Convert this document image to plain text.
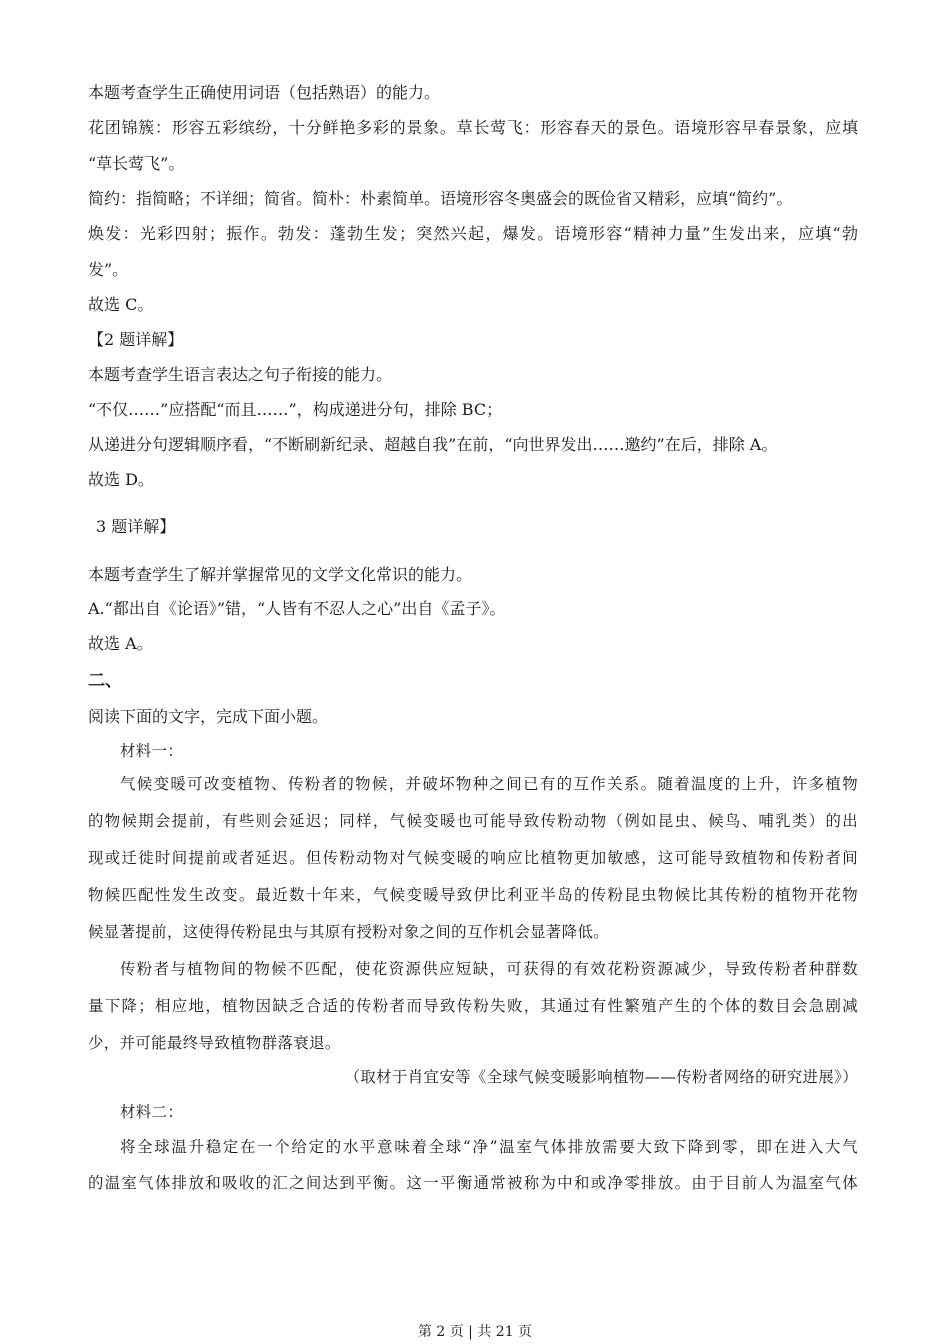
本题考查学生正确使用词语（包括熟语）的能力。
花团锦簇：形容五彩缤纷，十分鲜艳多彩的景象。草长莺飞：形容春天的景色。语境形容早春景象，应填
“草长莺飞”。
简约：指简略；不详细；简省。简朴：朴素简单。语境形容冬奥盛会的既俭省又精彩，应填“简约”。
焕发：光彩四射；振作。勃发：蓬勃生发；突然兴起，爆发。语境形容“精神力量”生发出来，应填“勃
发”。
故选 C。
【2 题详解】
本题考查学生语言表达之句子衔接的能力。
“不仅……”应搭配“而且……”，构成递进分句，排除 BC；
从递进分句逻辑顺序看，“不断刷新纪录、超越自我”在前，“向世界发出……邀约”在后，排除 A。
故选 D。
3 题详解】
本题考查学生了解并掌握常见的文学文化常识的能力。
A.“都出自《论语》”错，“人皆有不忍人之心”出自《孟子》。
故选 A。
二、
阅读下面的文字，完成下面小题。
材料一：
气候变暖可改变植物、传粉者的物候，并破坏物种之间已有的互作关系。随着温度的上升，许多植物
的物候期会提前，有些则会延迟；同样，气候变暖也可能导致传粉动物（例如昆虫、候鸟、哺乳类）的出
现或迁徙时间提前或者延迟。但传粉动物对气候变暖的响应比植物更加敏感，这可能导致植物和传粉者间
物候匹配性发生改变。最近数十年来，气候变暖导致伊比利亚半岛的传粉昆虫物候比其传粉的植物开花物
候显著提前，这使得传粉昆虫与其原有授粉对象之间的互作机会显著降低。
传粉者与植物间的物候不匹配，使花资源供应短缺，可获得的有效花粉资源减少，导致传粉者种群数
量下降；相应地，植物因缺乏合适的传粉者而导致传粉失败，其通过有性繁殖产生的个体的数目会急剧减
少，并可能最终导致植物群落衰退。
（取材于肖宜安等《全球气候变暖影响植物——传粉者网络的研究进展》）
材料二：
将全球温升稳定在一个给定的水平意味着全球“净”温室气体排放需要大致下降到零，即在进入大气
的温室气体排放和吸收的汇之间达到平衡。这一平衡通常被称为中和或净零排放。由于目前人为温室气体
第 2 页 | 共 21 页
